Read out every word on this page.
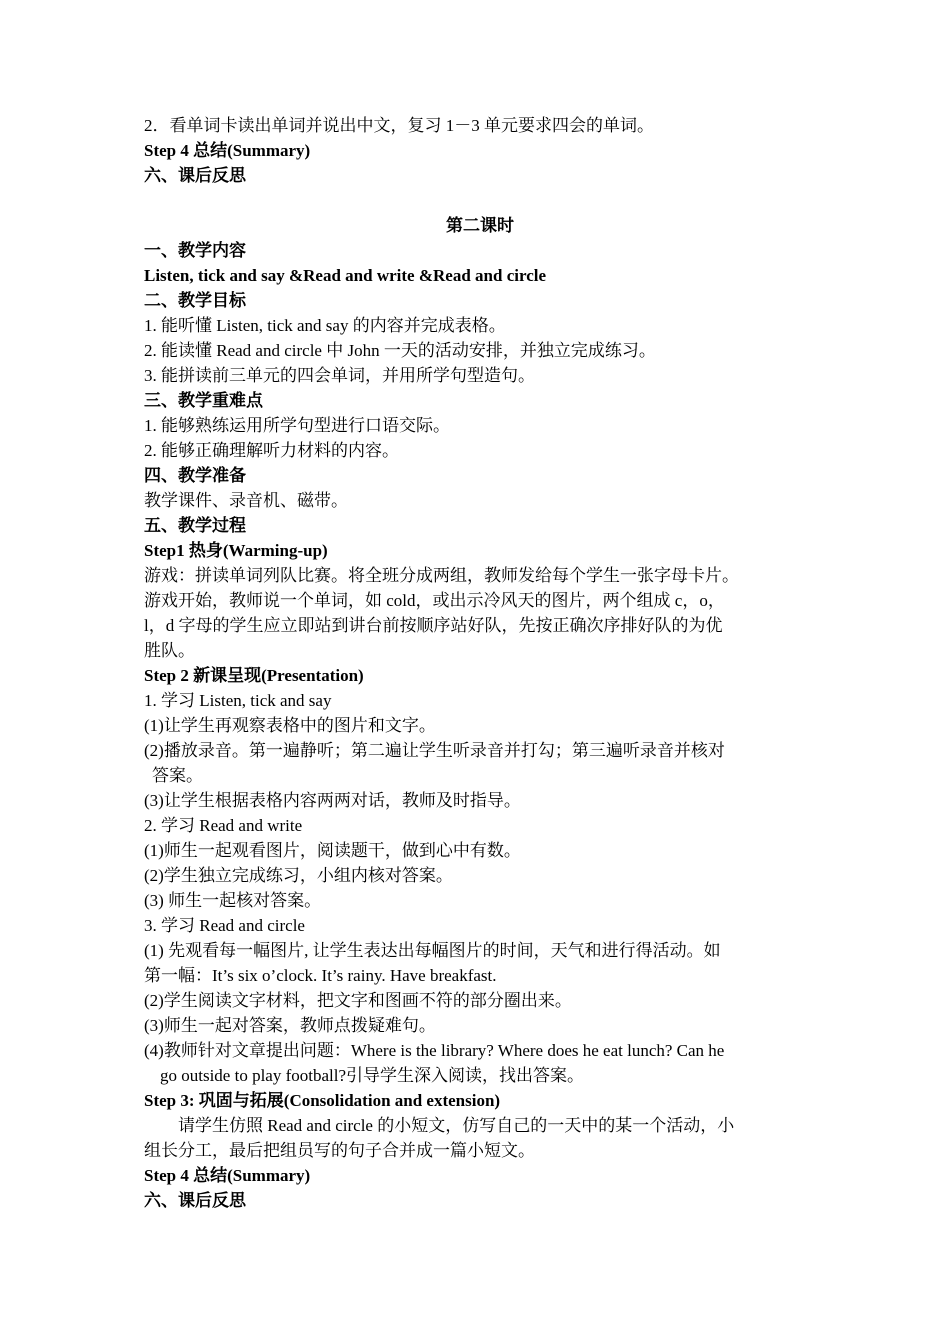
2．看单词卡读出单词并说出中文，复习 1－3 单元要求四会的单词。
Step 4 总结(Summary)
六、课后反思
第二课时
一、教学内容
Listen, tick and say &Read and write &Read and circle
二、教学目标
1. 能听懂 Listen, tick and say 的内容并完成表格。
2. 能读懂 Read and circle 中 John 一天的活动安排，并独立完成练习。
3. 能拼读前三单元的四会单词，并用所学句型造句。
三、教学重难点
1. 能够熟练运用所学句型进行口语交际。
2. 能够正确理解听力材料的内容。
四、教学准备
教学课件、录音机、磁带。
五、教学过程
Step1 热身(Warming-up)
游戏：拼读单词列队比赛。将全班分成两组，教师发给每个学生一张字母卡片。
游戏开始，教师说一个单词，如 cold，或出示冷风天的图片，两个组成 c，o，
l，d 字母的学生应立即站到讲台前按顺序站好队，先按正确次序排好队的为优
胜队。
Step 2 新课呈现(Presentation)
1. 学习 Listen, tick and say
(1)让学生再观察表格中的图片和文字。
(2)播放录音。第一遍静听；第二遍让学生听录音并打勾；第三遍听录音并核对
答案。
(3)让学生根据表格内容两两对话，教师及时指导。
2. 学习 Read and write
(1)师生一起观看图片，阅读题干，做到心中有数。
(2)学生独立完成练习，小组内核对答案。
(3) 师生一起核对答案。
3. 学习 Read and circle
(1) 先观看每一幅图片, 让学生表达出每幅图片的时间，天气和进行得活动。如
第一幅：It’s six o’clock. It’s rainy. Have breakfast.
(2)学生阅读文字材料，把文字和图画不符的部分圈出来。
(3)师生一起对答案，教师点拨疑难句。
(4)教师针对文章提出问题：Where is the library? Where does he eat lunch? Can he
go outside to play football?引导学生深入阅读，找出答案。
Step 3: 巩固与拓展(Consolidation and extension)
请学生仿照 Read and circle 的小短文，仿写自己的一天中的某一个活动，小
组长分工，最后把组员写的句子合并成一篇小短文。
Step 4 总结(Summary)
六、课后反思
